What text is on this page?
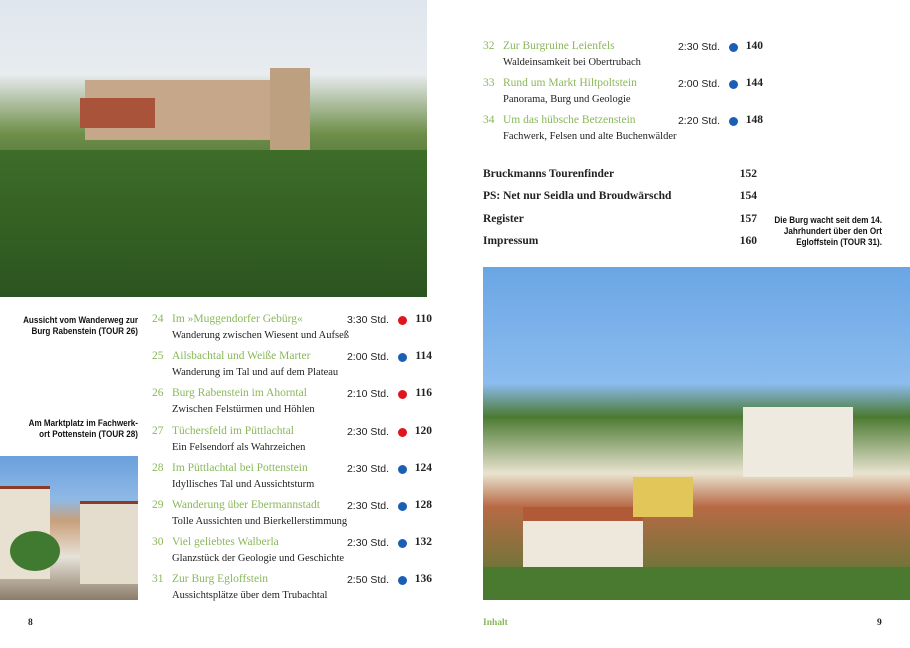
Aussicht vom Wanderweg zur Burg Rabenstein (TOUR 26)
Am Marktplatz im Fachwerk-ort Pottenstein (TOUR 28)
24 Im »Muggendorfer Gebürg«
Wanderung zwischen Wiesent und Aufseß
3:30 Std. 110
25 Ailsbachtal und Weiße Marter
Wanderung im Tal und auf dem Plateau
2:00 Std. 114
26 Burg Rabenstein im Ahorntal
Zwischen Felstürmen und Höhlen
2:10 Std. 116
27 Tüchersfeld im Püttlachtal
Ein Felsendorf als Wahrzeichen
2:30 Std. 120
28 Im Püttlachtal bei Pottenstein
Idyllisches Tal und Aussichtsturm
2:30 Std. 124
29 Wanderung über Ebermannstadt
Tolle Aussichten und Bierkellerstimmung
2:30 Std. 128
30 Viel geliebtes Walberla
Glanzstück der Geologie und Geschichte
2:30 Std. 132
31 Zur Burg Egloffstein
Aussichtsplätze über dem Trubachtal
2:50 Std. 136
32 Zur Burgruine Leienfels
Waldeinsamkeit bei Obertrubach
2:30 Std. 140
33 Rund um Markt Hiltpoltstein
Panorama, Burg und Geologie
2:00 Std. 144
34 Um das hübsche Betzenstein
Fachwerk, Felsen und alte Buchenwälder
2:20 Std. 148
Bruckmanns Tourenfinder	152
PS: Net nur Seidla und Broudwärschd	154
Register	157
Impressum	160
Die Burg wacht seit dem 14. Jahrhundert über den Ort Egloffstein (TOUR 31).
8	Inhalt	9
